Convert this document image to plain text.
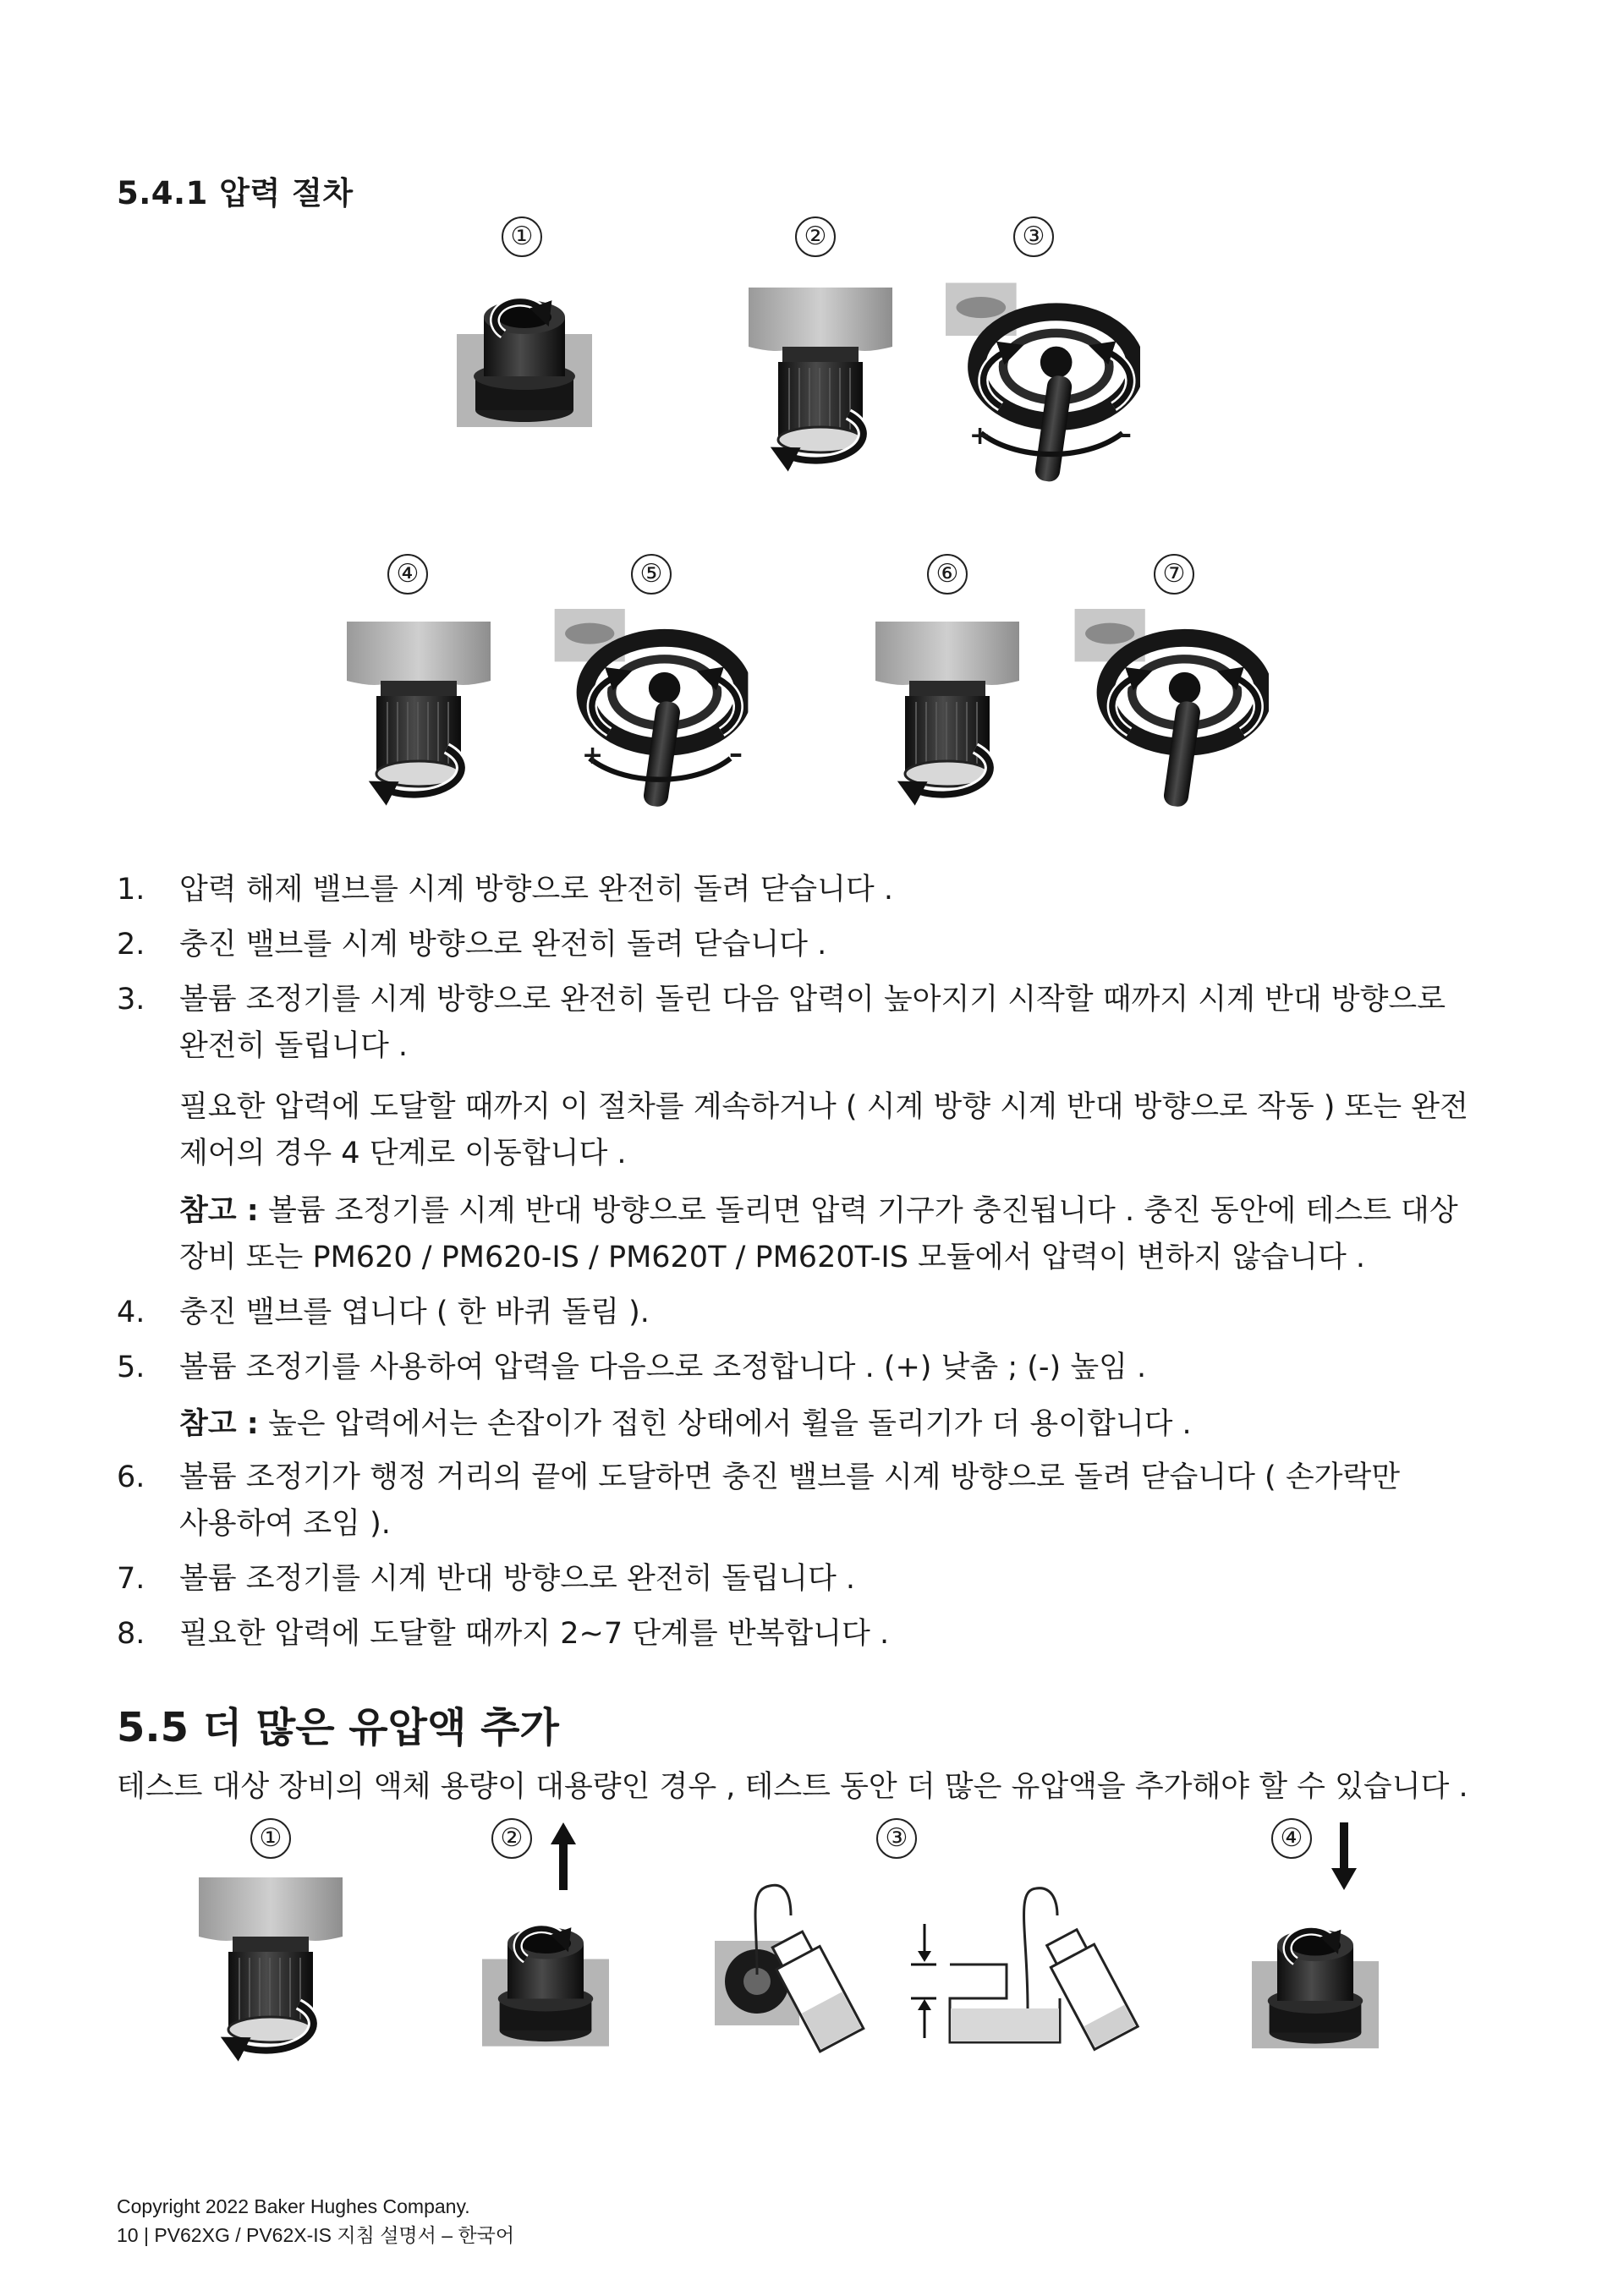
5.4.1 압력 절차
①	②	③
+	–
④	⑤	⑥	⑦
+	–
1. 압력 해제 밸브를 시계 방향으로 완전히 돌려 닫습니다 .
2. 충진 밸브를 시계 방향으로 완전히 돌려 닫습니다 .
3. 볼륨 조정기를 시계 방향으로 완전히 돌린 다음 압력이 높아지기 시작할 때까지 시계 반대 방향으로
완전히 돌립니다 .
필요한 압력에 도달할 때까지 이 절차를 계속하거나 ( 시계 방향 시계 반대 방향으로 작동 ) 또는 완전
제어의 경우 4 단계로 이동합니다 .
참고 : 볼륨 조정기를 시계 반대 방향으로 돌리면 압력 기구가 충진됩니다 . 충진 동안에 테스트 대상
장비 또는 PM620 / PM620-IS / PM620T / PM620T-IS 모듈에서 압력이 변하지 않습니다 .
4. 충진 밸브를 엽니다 ( 한 바퀴 돌림 ).
5. 볼륨 조정기를 사용하여 압력을 다음으로 조정합니다 . (+) 낮춤 ; (-) 높임 .
참고 : 높은 압력에서는 손잡이가 접힌 상태에서 휠을 돌리기가 더 용이합니다 .
6. 볼륨 조정기가 행정 거리의 끝에 도달하면 충진 밸브를 시계 방향으로 돌려 닫습니다 ( 손가락만
사용하여 조임 ).
7. 볼륨 조정기를 시계 반대 방향으로 완전히 돌립니다 .
8. 필요한 압력에 도달할 때까지 2~7 단계를 반복합니다 .
5.5 더 많은 유압액 추가
테스트 대상 장비의 액체 용량이 대용량인 경우 , 테스트 동안 더 많은 유압액을 추가해야 할 수 있습니다 .
①	②	③	④
Copyright 2022 Baker Hughes Company.
10 | PV62XG / PV62X-IS 지침 설명서 – 한국어
